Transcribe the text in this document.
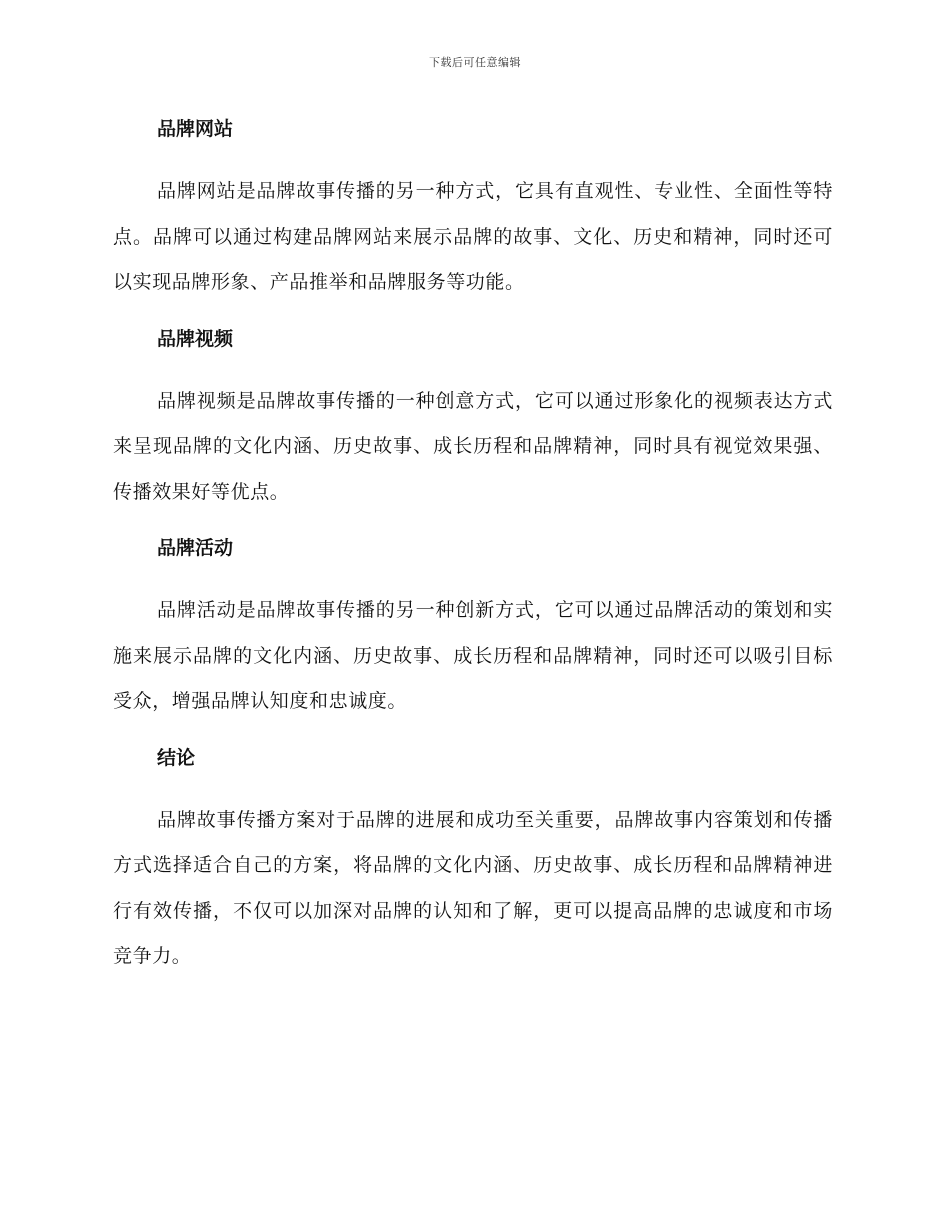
下载后可任意编辑
品牌网站

品牌网站是品牌故事传播的另一种方式，它具有直观性、专业性、全面性等特点。品牌可以通过构建品牌网站来展示品牌的故事、文化、历史和精神，同时还可以实现品牌形象、产品推举和品牌服务等功能。

品牌视频

品牌视频是品牌故事传播的一种创意方式，它可以通过形象化的视频表达方式来呈现品牌的文化内涵、历史故事、成长历程和品牌精神，同时具有视觉效果强、传播效果好等优点。

品牌活动

品牌活动是品牌故事传播的另一种创新方式，它可以通过品牌活动的策划和实施来展示品牌的文化内涵、历史故事、成长历程和品牌精神，同时还可以吸引目标受众，增强品牌认知度和忠诚度。

结论

品牌故事传播方案对于品牌的进展和成功至关重要，品牌故事内容策划和传播方式选择适合自己的方案，将品牌的文化内涵、历史故事、成长历程和品牌精神进行有效传播，不仅可以加深对品牌的认知和了解，更可以提高品牌的忠诚度和市场竞争力。
